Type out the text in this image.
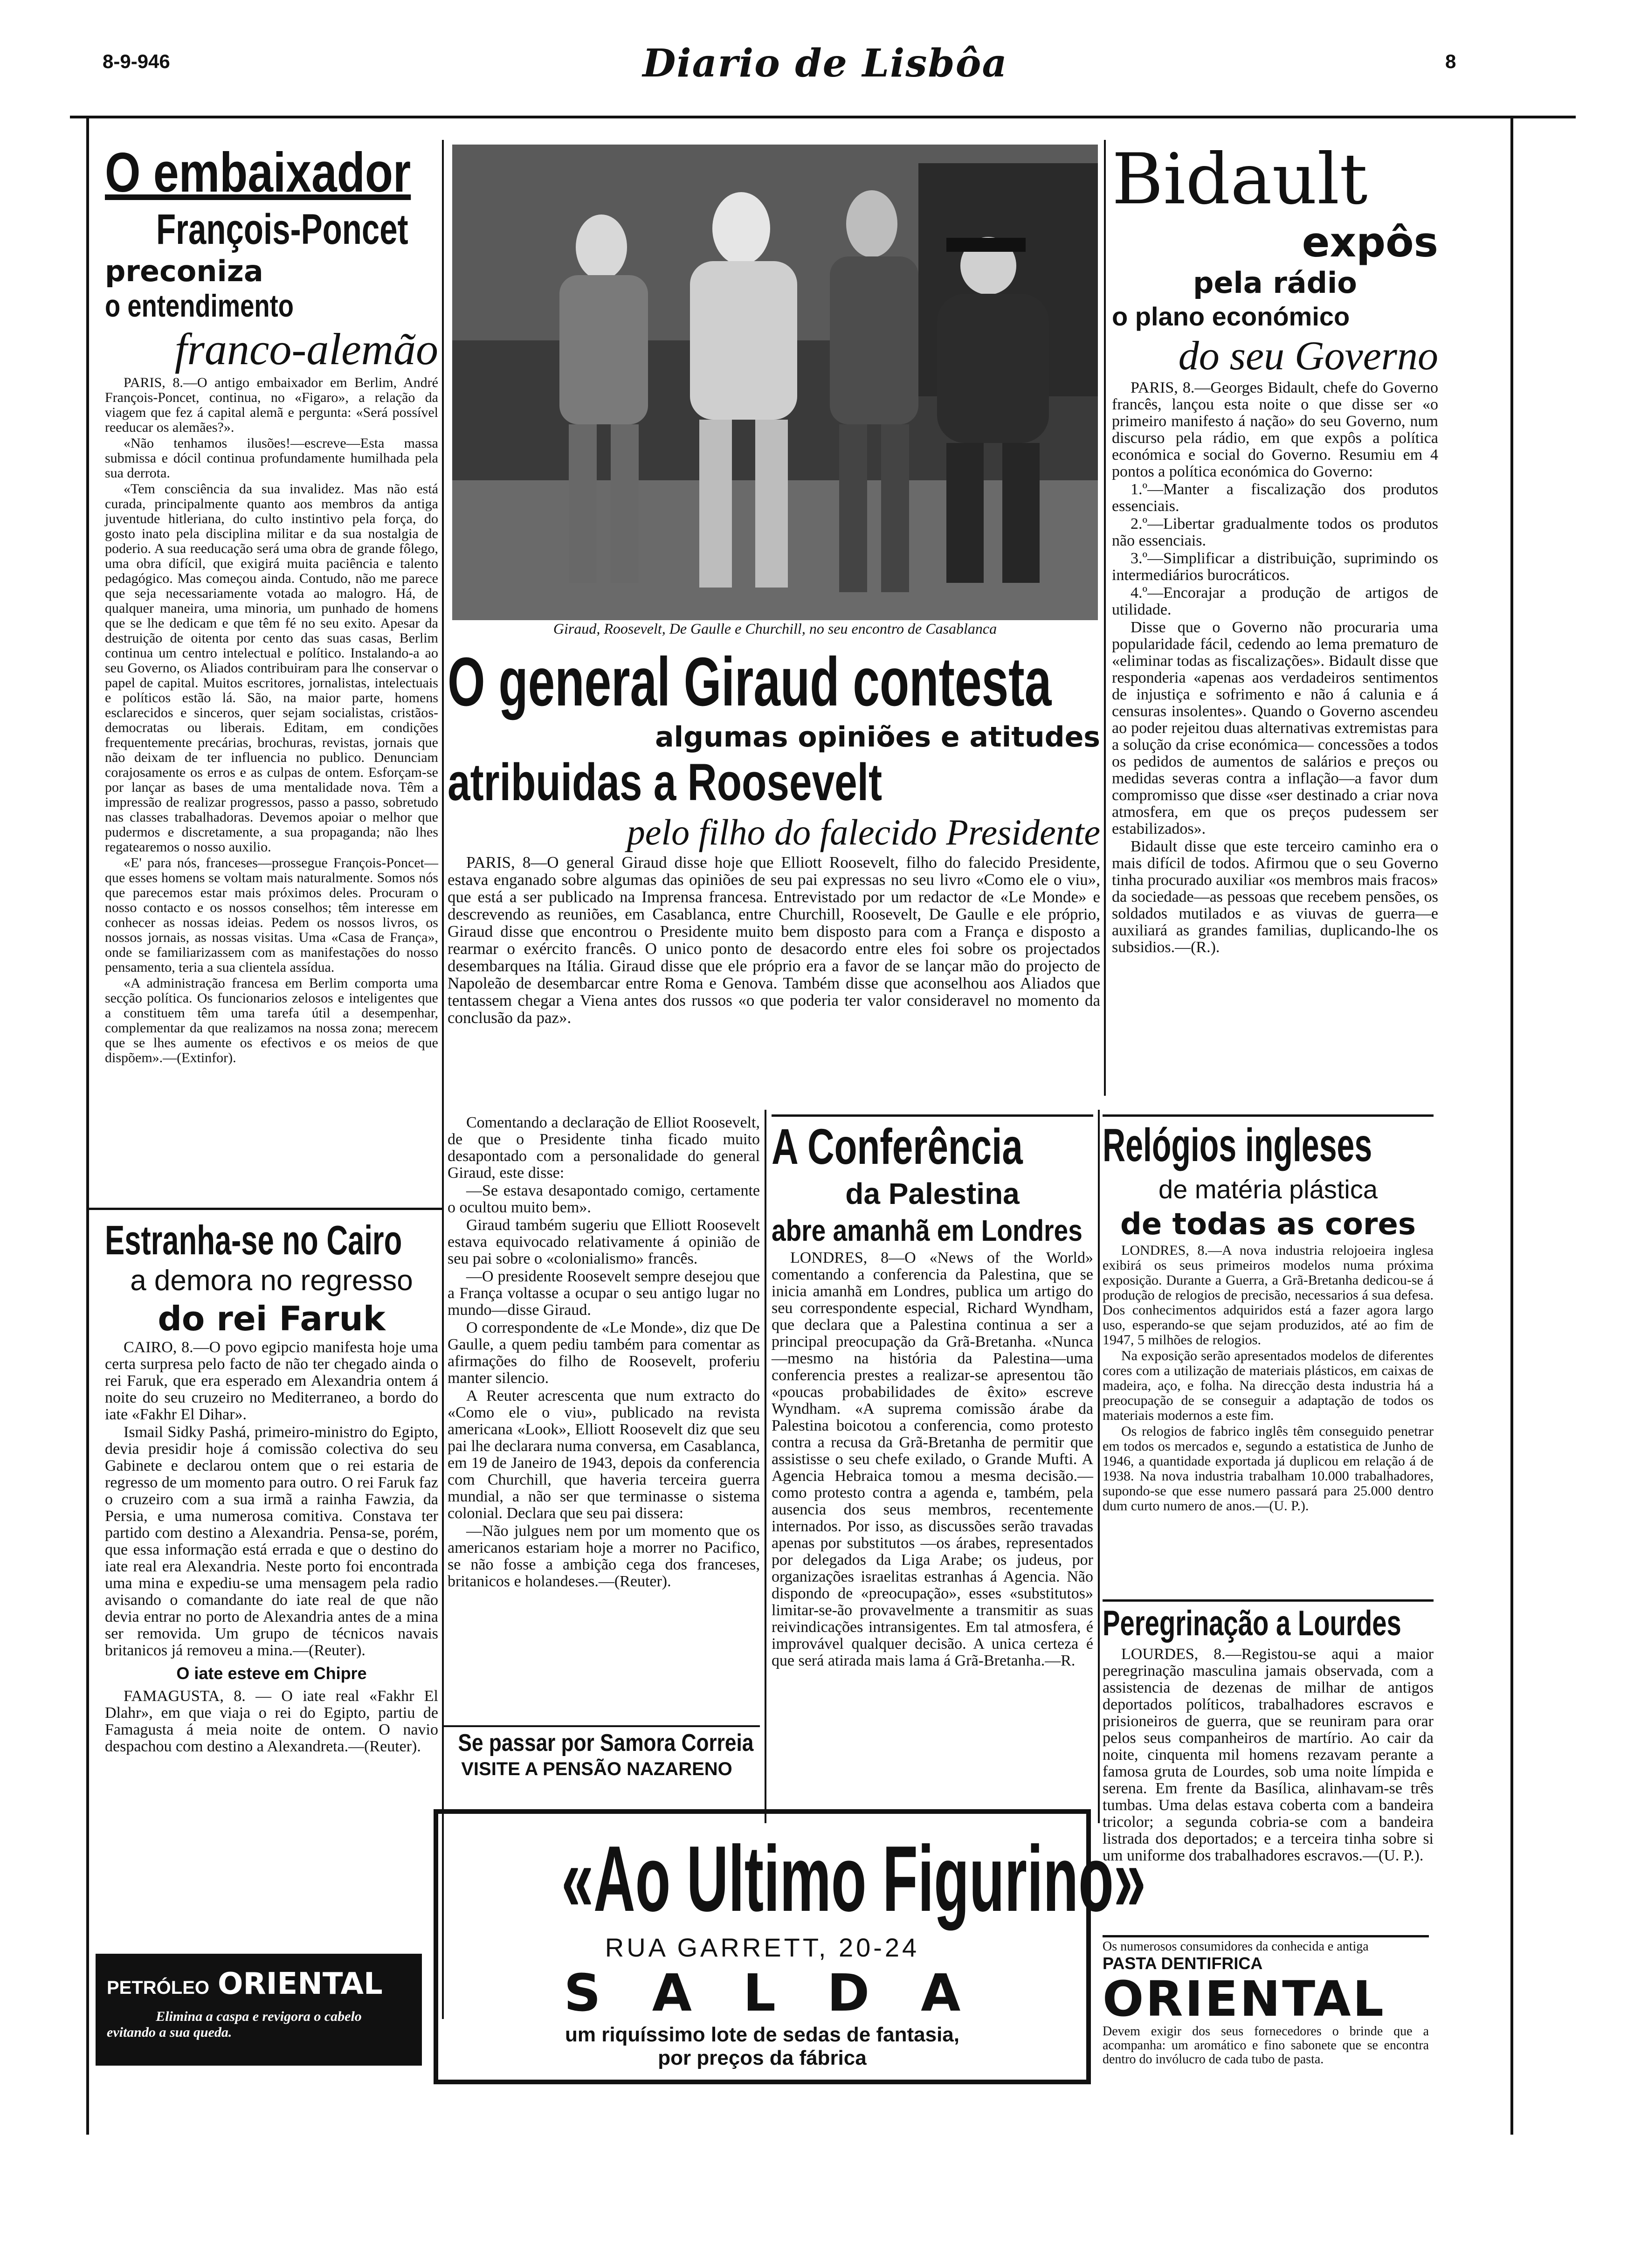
8-9-946	Diario de Lisbôa	8
O embaixador
François-Poncet
preconiza
o entendimento
franco-alemão

PARIS, 8.—O antigo embaixador em Berlim, André François-Poncet, continua, no «Figaro», a relação da viagem que fez á capital alemã e pergunta: «Será possível reeducar os alemães?».

«Não tenhamos ilusões!—escreve—Esta massa submissa e dócil continua profundamente humilhada pela sua derrota.

«Tem consciência da sua invalidez. Mas não está curada, principalmente quanto aos membros da antiga juventude hitleriana, do culto instintivo pela força, do gosto inato pela disciplina militar e da sua nostalgia de poderio. A sua reeducação será uma obra de grande fôlego, uma obra difícil, que exigirá muita paciência e talento pedagógico. Mas começou ainda. Contudo, não me parece que seja necessariamente votada ao malogro. Há, de qualquer maneira, uma minoria, um punhado de homens que se lhe dedicam e que têm fé no seu exito. Apesar da destruição de oitenta por cento das suas casas, Berlim continua um centro intelectual e político. Instalando-a ao seu Governo, os Aliados contribuiram para lhe conservar o papel de capital. Muitos escritores, jornalistas, intelectuais e políticos estão lá. São, na maior parte, homens esclarecidos e sinceros, quer sejam socialistas, cristãos-democratas ou liberais. Editam, em condições frequentemente precárias, brochuras, revistas, jornais que não deixam de ter influencia no publico. Denunciam corajosamente os erros e as culpas de ontem. Esforçam-se por lançar as bases de uma mentalidade nova. Têm a impressão de realizar progressos, passo a passo, sobretudo nas classes trabalhadoras. Devemos apoiar o melhor que pudermos e discretamente, a sua propaganda; não lhes regatearemos o nosso auxilio.

«E' para nós, franceses—prossegue François-Poncet—que esses homens se voltam mais naturalmente. Somos nós que parecemos estar mais próximos deles. Procuram o nosso contacto e os nossos conselhos; têm interesse em conhecer as nossas ideias. Pedem os nossos livros, os nossos jornais, as nossas visitas. Uma «Casa de França», onde se familiarizassem com as manifestações do nosso pensamento, teria a sua clientela assídua.

«A administração francesa em Berlim comporta uma secção política. Os funcionarios zelosos e inteligentes que a constituem têm uma tarefa útil a desempenhar, complementar da que realizamos na nossa zona; merecem que se lhes aumente os efectivos e os meios de que dispõem».—(Extinfor).

Estranha-se no Cairo
a demora no regresso
do rei Faruk

CAIRO, 8.—O povo egipcio manifesta hoje uma certa surpresa pelo facto de não ter chegado ainda o rei Faruk, que era esperado em Alexandria ontem á noite do seu cruzeiro no Mediterraneo, a bordo do iate «Fakhr El Dihar».

Ismail Sidky Pashá, primeiro-ministro do Egipto, devia presidir hoje á comissão colectiva do seu Gabinete e declarou ontem que o rei estaria de regresso de um momento para outro. O rei Faruk faz o cruzeiro com a sua irmã a rainha Fawzia, da Persia, e uma numerosa comitiva. Constava ter partido com destino a Alexandria. Pensa-se, porém, que essa informação está errada e que o destino do iate real era Alexandria. Neste porto foi encontrada uma mina e expediu-se uma mensagem pela radio avisando o comandante do iate real de que não devia entrar no porto de Alexandria antes de a mina ser removida. Um grupo de técnicos navais britanicos já removeu a mina.—(Reuter).

O iate esteve em Chipre

FAMAGUSTA, 8. — O iate real «Fakhr El Dlahr», em que viaja o rei do Egipto, partiu de Famagusta á meia noite de ontem. O navio despachou com destino a Alexandreta.—(Reuter).

PETRÓLEO ORIENTAL
Elimina a caspa e revigora o cabelo
evitando a sua queda.
Giraud, Roosevelt, De Gaulle e Churchill, no seu encontro de Casablanca
O general Giraud contesta
algumas opiniões e atitudes
atribuidas a Roosevelt
pelo filho do falecido Presidente

PARIS, 8—O general Giraud disse hoje que Elliott Roosevelt, filho do falecido Presidente, estava enganado sobre algumas das opiniões de seu pai expressas no seu livro «Como ele o viu», que está a ser publicado na Imprensa francesa. Entrevistado por um redactor de «Le Monde» e descrevendo as reuniões, em Casablanca, entre Churchill, Roosevelt, De Gaulle e ele próprio, Giraud disse que encontrou o Presidente muito bem disposto para com a França e disposto a rearmar o exército francês. O unico ponto de desacordo entre eles foi sobre os projectados desembarques na Itália. Giraud disse que ele próprio era a favor de se lançar mão do projecto de Napoleão de desembarcar entre Roma e Genova. Também disse que aconselhou aos Aliados que tentassem chegar a Viena antes dos russos «o que poderia ter valor consideravel no momento da conclusão da paz».

Comentando a declaração de Elliot Roosevelt, de que o Presidente tinha ficado muito desapontado com a personalidade do general Giraud, este disse:

—Se estava desapontado comigo, certamente o ocultou muito bem».

Giraud também sugeriu que Elliott Roosevelt estava equivocado relativamente á opinião de seu pai sobre o «colonialismo» francês.

—O presidente Roosevelt sempre desejou que a França voltasse a ocupar o seu antigo lugar no mundo—disse Giraud.

O correspondente de «Le Monde», diz que De Gaulle, a quem pediu também para comentar as afirmações do filho de Roosevelt, proferiu manter silencio.

A Reuter acrescenta que num extracto do «Como ele o viu», publicado na revista americana «Look», Elliott Roosevelt diz que seu pai lhe declarara numa conversa, em Casablanca, em 19 de Janeiro de 1943, depois da conferencia com Churchill, que haveria terceira guerra mundial, a não ser que terminasse o sistema colonial. Declara que seu pai dissera:

—Não julgues nem por um momento que os americanos estariam hoje a morrer no Pacifico, se não fosse a ambição cega dos franceses, britanicos e holandeses.—(Reuter).

Se passar por Samora Correia
VISITE A PENSÃO NAZARENO
A Conferência
da Palestina
abre amanhã em Londres

LONDRES, 8—O «News of the World» comentando a conferencia da Palestina, que se inicia amanhã em Londres, publica um artigo do seu correspondente especial, Richard Wyndham, que declara que a Palestina continua a ser a principal preocupação da Grã-Bretanha. «Nunca—mesmo na história da Palestina—uma conferencia prestes a realizar-se apresentou tão «poucas probabilidades de êxito» escreve Wyndham. «A suprema comissão árabe da Palestina boicotou a conferencia, como protesto contra a recusa da Grã-Bretanha de permitir que assistisse o seu chefe exilado, o Grande Mufti. A Agencia Hebraica tomou a mesma decisão.—como protesto contra a agenda e, também, pela ausencia dos seus membros, recentemente internados. Por isso, as discussões serão travadas apenas por substitutos —os árabes, representados por delegados da Liga Arabe; os judeus, por organizações israelitas estranhas á Agencia. Não dispondo de «preocupação», esses «substitutos» limitar-se-ão provavelmente a transmitir as suas reivindicações intransigentes. Em tal atmosfera, é improvável qualquer decisão. A unica certeza é que será atirada mais lama á Grã-Bretanha.—R.

Bidault
expôs
pela rádio
o plano económico
do seu Governo

PARIS, 8.—Georges Bidault, chefe do Governo francês, lançou esta noite o que disse ser «o primeiro manifesto á nação» do seu Governo, num discurso pela rádio, em que expôs a política económica e social do Governo. Resumiu em 4 pontos a política económica do Governo:

1.º—Manter a fiscalização dos produtos essenciais.

2.º—Libertar gradualmente todos os produtos não essenciais.

3.º—Simplificar a distribuição, suprimindo os intermediários burocráticos.

4.º—Encorajar a produção de artigos de utilidade.

Disse que o Governo não procuraria uma popularidade fácil, cedendo ao lema prematuro de «eliminar todas as fiscalizações». Bidault disse que responderia «apenas aos verdadeiros sentimentos de injustiça e sofrimento e não á calunia e á censuras insolentes». Quando o Governo ascendeu ao poder rejeitou duas alternativas extremistas para a solução da crise económica— concessões a todos os pedidos de aumentos de salários e preços ou medidas severas contra a inflação—a favor dum compromisso que disse «ser destinado a criar nova atmosfera, em que os preços pudessem ser estabilizados».

Bidault disse que este terceiro caminho era o mais difícil de todos. Afirmou que o seu Governo tinha procurado auxiliar «os membros mais fracos» da sociedade—as pessoas que recebem pensões, os soldados mutilados e as viuvas de guerra—e auxiliará as grandes familias, duplicando-lhe os subsidios.—(R.).

Relógios ingleses
de matéria plástica
de todas as cores

LONDRES, 8.—A nova industria relojoeira inglesa exibirá os seus primeiros modelos numa próxima exposição. Durante a Guerra, a Grã-Bretanha dedicou-se á produção de relogios de precisão, necessarios á sua defesa. Dos conhecimentos adquiridos está a fazer agora largo uso, esperando-se que sejam produzidos, até ao fim de 1947, 5 milhões de relogios.

Na exposição serão apresentados modelos de diferentes cores com a utilização de materiais plásticos, em caixas de madeira, aço, e folha. Na direcção desta industria há a preocupação de se conseguir a adaptação de todos os materiais modernos a este fim.

Os relogios de fabrico inglês têm conseguido penetrar em todos os mercados e, segundo a estatistica de Junho de 1946, a quantidade exportada já duplicou em relação á de 1938. Na nova industria trabalham 10.000 trabalhadores, supondo-se que esse numero passará para 25.000 dentro dum curto numero de anos.—(U. P.).

Peregrinação a Lourdes

LOURDES, 8.—Registou-se aqui a maior peregrinação masculina jamais observada, com a assistencia de dezenas de milhar de antigos deportados políticos, trabalhadores escravos e prisioneiros de guerra, que se reuniram para orar pelos seus companheiros de martírio. Ao cair da noite, cinquenta mil homens rezavam perante a famosa gruta de Lourdes, sob uma noite límpida e serena. Em frente da Basílica, alinhavam-se três tumbas. Uma delas estava coberta com a bandeira tricolor; a segunda cobria-se com a bandeira listrada dos deportados; e a terceira tinha sobre si um uniforme dos trabalhadores escravos.—(U. P.).

«Ao Ultimo Figurino»
RUA GARRETT, 20-24
SALDA
um riquíssimo lote de sedas de fantasia,
por preços da fábrica
Os numerosos consumidores da conhecida e antiga
PASTA DENTIFRICA
ORIENTAL
Devem exigir dos seus fornecedores o brinde que a acompanha: um aromático e fino sabonete que se encontra dentro do invólucro de cada tubo de pasta.
